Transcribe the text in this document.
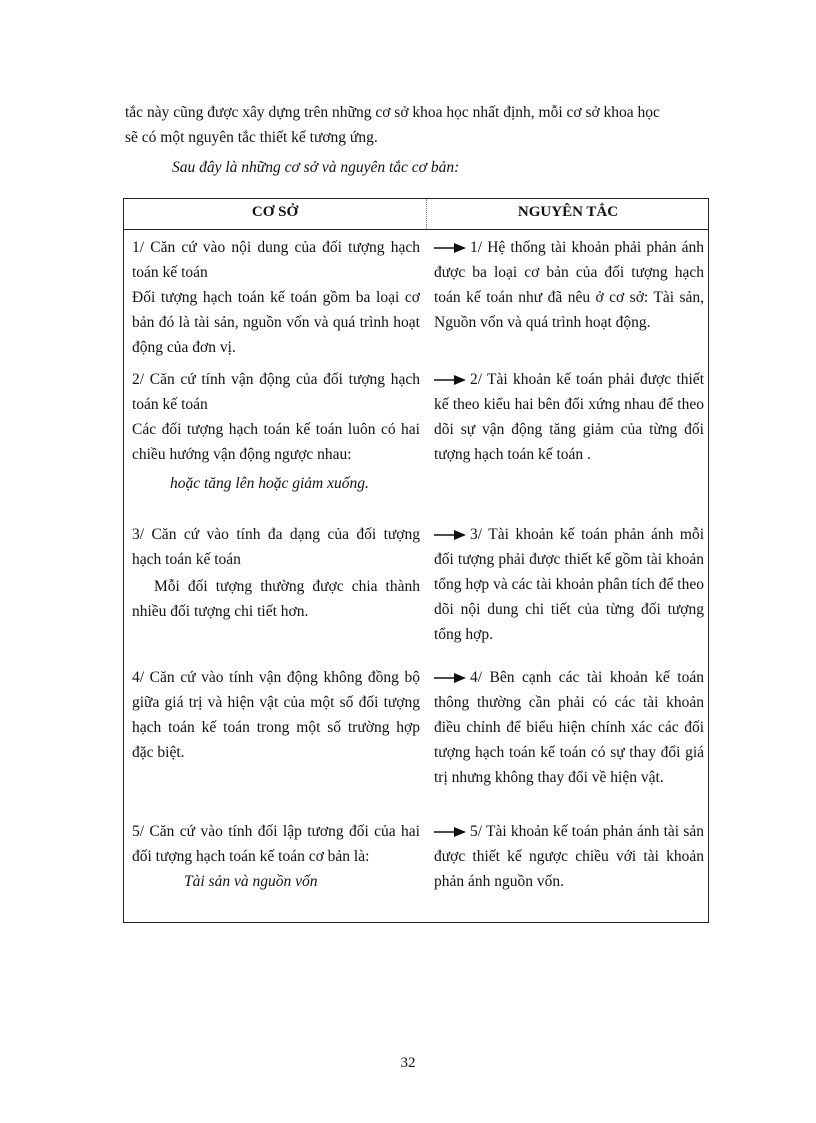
tắc này cũng được xây dựng trên những cơ sở khoa học nhất định, mỗi cơ sở khoa học

sẽ có một nguyên tắc thiết kế tương ứng.

Sau đây là những cơ sở và nguyên tắc cơ bản:

CƠ SỞ	NGUYÊN TẮC

1/ Căn cứ vào nội dung của đối tượng hạch toán kế toán

Đối tượng hạch toán kế toán gồm ba loại cơ bản đó là tài sản, nguồn vốn và quá trình hoạt động của đơn vị.

1/ Hệ thống tài khoản phải phản ánh được ba loại cơ bản của đối tượng hạch toán kế toán như đã nêu ở cơ sở: Tài sản, Nguồn vốn và quá trình hoạt động.

2/ Căn cứ tính vận động của đối tượng hạch toán kế toán

Các đối tượng hạch toán kế toán luôn có hai chiều hướng vận động ngược nhau:

hoặc tăng lên hoặc giảm xuống.

2/ Tài khoản kế toán phải được thiết kế theo kiểu hai bên đối xứng nhau để theo dõi sự vận động tăng giảm của từng đối tượng hạch toán kế toán .

3/ Căn cứ vào tính đa dạng của đối tượng hạch toán kế toán

Mỗi đối tượng thường được chia thành nhiều đối tượng chi tiết hơn.

3/ Tài khoản kế toán phản ánh mỗi đối tượng phải được thiết kế gồm tài khoản tổng hợp và các tài khoản phân tích để theo dõi nội dung chi tiết của từng đối tượng tổng hợp.

4/ Căn cứ vào tính vận động không đồng bộ giữa giá trị và hiện vật của một số đối tượng hạch toán kế toán trong một số trường hợp đặc biệt.

4/ Bên cạnh các tài khoản kế toán thông thường cần phải có các tài khoản điều chỉnh để biểu hiện chính xác các đối tượng hạch toán kế toán có sự thay đổi giá trị nhưng không thay đổi về hiện vật.

5/ Căn cứ vào tính đối lập tương đối của hai đối tượng hạch toán kế toán cơ bản là:

Tài sản và nguồn vốn

5/ Tài khoản kế toán phản ánh tài sản được thiết kế ngược chiều với tài khoản phản ánh nguồn vốn.

32
